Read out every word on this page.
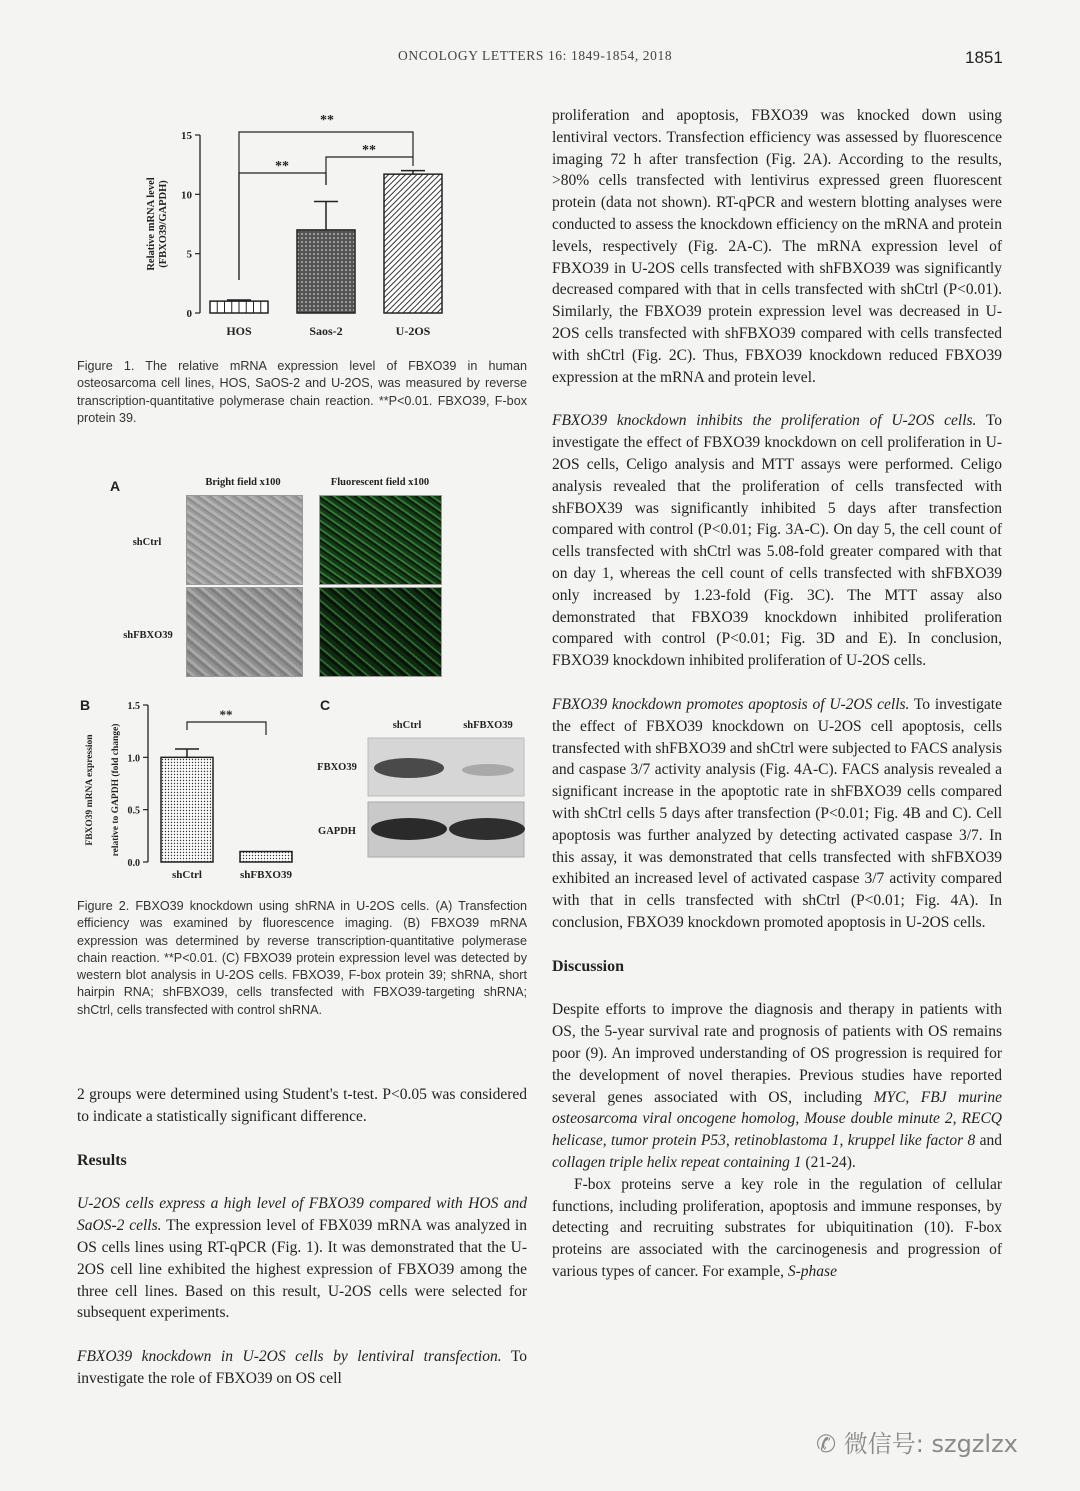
ONCOLOGY LETTERS 16: 1849-1854, 2018	1851
0
5
10
15
HOS	Saos-2	U-2OS
**
**
**
Relative mRNA level(FBXO39/GAPDH)
Figure 1. The relative mRNA expression level of FBXO39 in human osteosarcoma cell lines, HOS, SaOS-2 and U-2OS, was measured by reverse transcription-quantitative polymerase chain reaction. **P<0.01. FBXO39, F-box protein 39.
A	Bright field x100	Fluorescent field x100
shCtrl
shFBXO39
B
0.0
0.5
1.0
1.5
shCtrl	shFBXO39
**
FBXO39 mRNA expression relative to GAPDH (fold change)
C
shCtrl	shFBXO39
FBXO39
GAPDH
Figure 2. FBXO39 knockdown using shRNA in U-2OS cells. (A) Transfection efficiency was examined by fluorescence imaging. (B) FBXO39 mRNA expression was determined by reverse transcription-quantitative polymerase chain reaction. **P<0.01. (C) FBXO39 protein expression level was detected by western blot analysis in U-2OS cells. FBXO39, F-box protein 39; shRNA, short hairpin RNA; shFBXO39, cells transfected with FBXO39-targeting shRNA; shCtrl, cells transfected with control shRNA.

2 groups were determined using Student's t-test. P<0.05 was considered to indicate a statistically significant difference.

Results

U-2OS cells express a high level of FBXO39 compared with HOS and SaOS-2 cells. The expression level of FBX039 mRNA was analyzed in OS cells lines using RT-qPCR (Fig. 1). It was demonstrated that the U-2OS cell line exhibited the highest expression of FBXO39 among the three cell lines. Based on this result, U-2OS cells were selected for subsequent experiments.

FBXO39 knockdown in U-2OS cells by lentiviral transfection. To investigate the role of FBXO39 on OS cell

proliferation and apoptosis, FBXO39 was knocked down using lentiviral vectors. Transfection efficiency was assessed by fluorescence imaging 72 h after transfection (Fig. 2A). According to the results, >80% cells transfected with lentivirus expressed green fluorescent protein (data not shown). RT-qPCR and western blotting analyses were conducted to assess the knockdown efficiency on the mRNA and protein levels, respectively (Fig. 2A-C). The mRNA expression level of FBXO39 in U-2OS cells transfected with shFBXO39 was significantly decreased compared with that in cells transfected with shCtrl (P<0.01). Similarly, the FBXO39 protein expression level was decreased in U-2OS cells transfected with shFBXO39 compared with cells transfected with shCtrl (Fig. 2C). Thus, FBXO39 knockdown reduced FBXO39 expression at the mRNA and protein level.

FBXO39 knockdown inhibits the proliferation of U-2OS cells. To investigate the effect of FBXO39 knockdown on cell proliferation in U-2OS cells, Celigo analysis and MTT assays were performed. Celigo analysis revealed that the proliferation of cells transfected with shFBOX39 was significantly inhibited 5 days after transfection compared with control (P<0.01; Fig. 3A-C). On day 5, the cell count of cells transfected with shCtrl was 5.08-fold greater compared with that on day 1, whereas the cell count of cells transfected with shFBXO39 only increased by 1.23-fold (Fig. 3C). The MTT assay also demonstrated that FBXO39 knockdown inhibited proliferation compared with control (P<0.01; Fig. 3D and E). In conclusion, FBXO39 knockdown inhibited proliferation of U-2OS cells.

FBXO39 knockdown promotes apoptosis of U-2OS cells. To investigate the effect of FBXO39 knockdown on U-2OS cell apoptosis, cells transfected with shFBXO39 and shCtrl were subjected to FACS analysis and caspase 3/7 activity analysis (Fig. 4A-C). FACS analysis revealed a significant increase in the apoptotic rate in shFBXO39 cells compared with shCtrl cells 5 days after transfection (P<0.01; Fig. 4B and C). Cell apoptosis was further analyzed by detecting activated caspase 3/7. In this assay, it was demonstrated that cells transfected with shFBXO39 exhibited an increased level of activated caspase 3/7 activity compared with that in cells transfected with shCtrl (P<0.01; Fig. 4A). In conclusion, FBXO39 knockdown promoted apoptosis in U-2OS cells.

Discussion

Despite efforts to improve the diagnosis and therapy in patients with OS, the 5-year survival rate and prognosis of patients with OS remains poor (9). An improved understanding of OS progression is required for the development of novel therapies. Previous studies have reported several genes associated with OS, including MYC, FBJ murine osteosarcoma viral oncogene homolog, Mouse double minute 2, RECQ helicase, tumor protein P53, retinoblastoma 1, kruppel like factor 8 and collagen triple helix repeat containing 1 (21-24).

F-box proteins serve a key role in the regulation of cellular functions, including proliferation, apoptosis and immune responses, by detecting and recruiting substrates for ubiquitination (10). F-box proteins are associated with the carcinogenesis and progression of various types of cancer. For example, S-phase

✆ 微信号: szgzlzx
